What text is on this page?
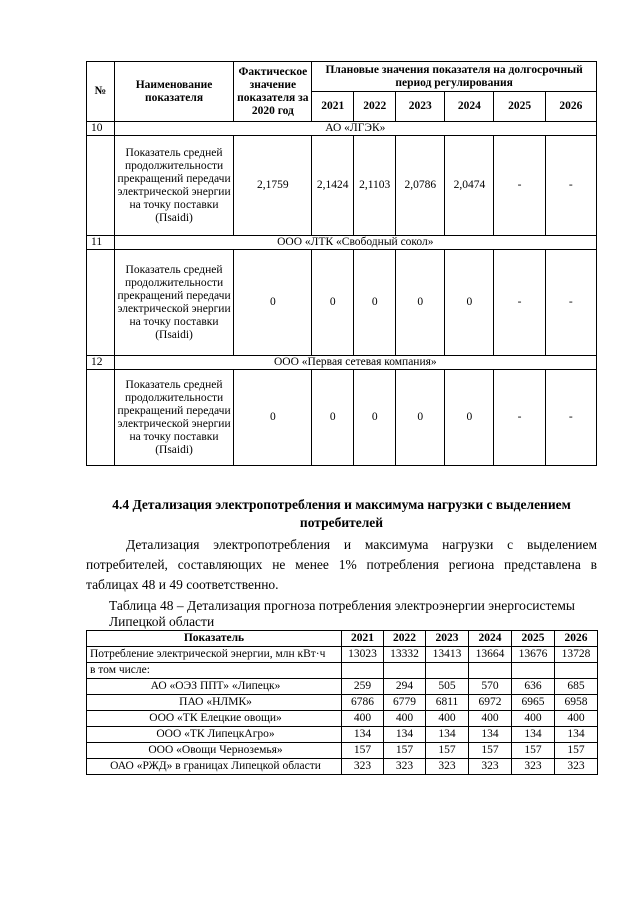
№	Наименование показателя	Фактическое значение показателя за 2020 год	Плановые значения показателя на долгосрочный период регулирования					
			2021	2022	2023	2024	2025	2026
10	АО «ЛГЭК»							
	Показатель средней продолжительности прекращений передачи электрической энергии на точку поставки (Пsaidi)	2,1759	2,1424	2,1103	2,0786	2,0474	-	-
11	ООО «ЛТК «Свободный сокол»							
	Показатель средней продолжительности прекращений передачи электрической энергии на точку поставки (Пsaidi)	0	0	0	0	0	-	-
12	ООО «Первая сетевая компания»							
	Показатель средней продолжительности прекращений передачи электрической энергии на точку поставки (Пsaidi)	0	0	0	0	0	-	-
4.4 Детализация электропотребления и максимума нагрузки с выделением потребителей

Детализация электропотребления и максимума нагрузки с выделением потребителей, составляющих не менее 1% потребления региона представлена в таблицах 48 и 49 соответственно.

Таблица 48 – Детализация прогноза потребления электроэнергии энергосистемы Липецкой области

Показатель	2021	2022	2023	2024	2025	2026
Потребление электрической энергии, млн кВт·ч	13023	13332	13413	13664	13676	13728
в том числе:						
АО «ОЭЗ ППТ» «Липецк»	259	294	505	570	636	685
ПАО «НЛМК»	6786	6779	6811	6972	6965	6958
ООО «ТК Елецкие овощи»	400	400	400	400	400	400
ООО «ТК ЛипецкАгро»	134	134	134	134	134	134
ООО «Овощи Черноземья»	157	157	157	157	157	157
ОАО «РЖД» в границах Липецкой области	323	323	323	323	323	323
